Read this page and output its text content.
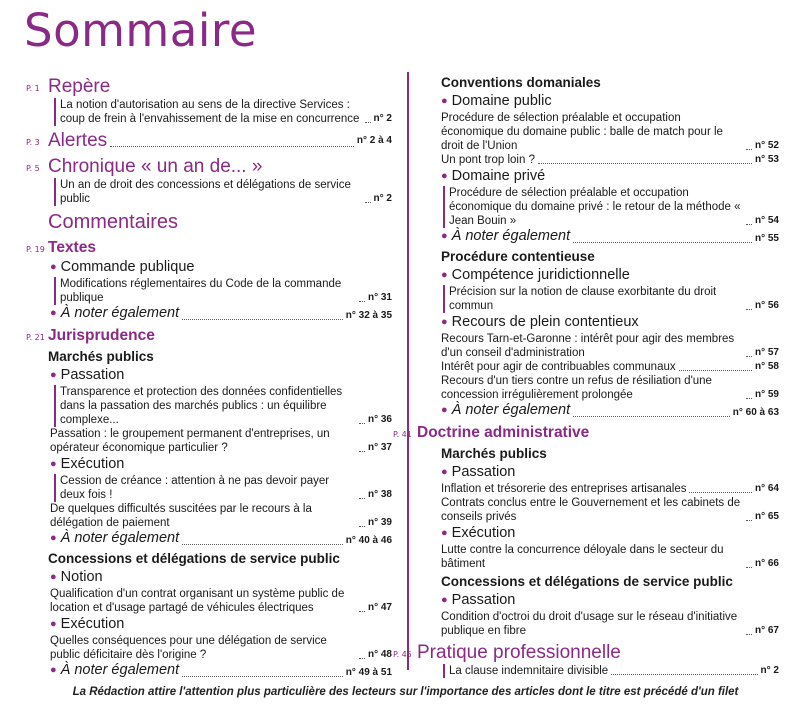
Sommaire
P. 1 Repère
La notion d'autorisation au sens de la directive Services : coup de frein à l'envahissement de la mise en concurrence n° 2
P. 3 Alertes	n° 2 à 4
P. 5 Chronique « un an de... »
Un an de droit des concessions et délégations de service public	n° 2
Commentaires
P. 19 Textes
● Commande publique
Modifications réglementaires du Code de la commande publique	n° 31
● À noter également	n° 32 à 35
P. 21 Jurisprudence
Marchés publics
● Passation
Transparence et protection des données confidentielles dans la passation des marchés publics : un équilibre complexe...	n° 36
Passation : le groupement permanent d'entreprises, un opérateur économique particulier ?	n° 37
● Exécution
Cession de créance : attention à ne pas devoir payer deux fois !	n° 38
De quelques difficultés suscitées par le recours à la délégation de paiement	n° 39
● À noter également	n° 40 à 46
Concessions et délégations de service public
● Notion
Qualification d'un contrat organisant un système public de location et d'usage partagé de véhicules électriques	n° 47
● Exécution
Quelles conséquences pour une délégation de service public déficitaire dès l'origine ?	n° 48
● À noter également	n° 49 à 51
Conventions domaniales
● Domaine public
Procédure de sélection préalable et occupation économique du domaine public : balle de match pour le droit de l'Union	n° 52
Un pont trop loin ?	n° 53
● Domaine privé
Procédure de sélection préalable et occupation économique du domaine privé : le retour de la méthode « Jean Bouin »	n° 54
● À noter également	n° 55
Procédure contentieuse
● Compétence juridictionnelle
Précision sur la notion de clause exorbitante du droit commun	n° 56
● Recours de plein contentieux
Recours Tarn-et-Garonne : intérêt pour agir des membres d'un conseil d'administration	n° 57
Intérêt pour agir de contribuables communaux	n° 58
Recours d'un tiers contre un refus de résiliation d'une concession irrégulièrement prolongée	n° 59
● À noter également	n° 60 à 63
P. 41 Doctrine administrative
Marchés publics
● Passation
Inflation et trésorerie des entreprises artisanales	n° 64
Contrats conclus entre le Gouvernement et les cabinets de conseils privés	n° 65
● Exécution
Lutte contre la concurrence déloyale dans le secteur du bâtiment	n° 66
Concessions et délégations de service public
● Passation
Condition d'octroi du droit d'usage sur le réseau d'initiative publique en fibre	n° 67
P. 45 Pratique professionnelle
La clause indemnitaire divisible	n° 2
La Rédaction attire l'attention plus particulière des lecteurs sur l'importance des articles dont le titre est précédé d'un filet
